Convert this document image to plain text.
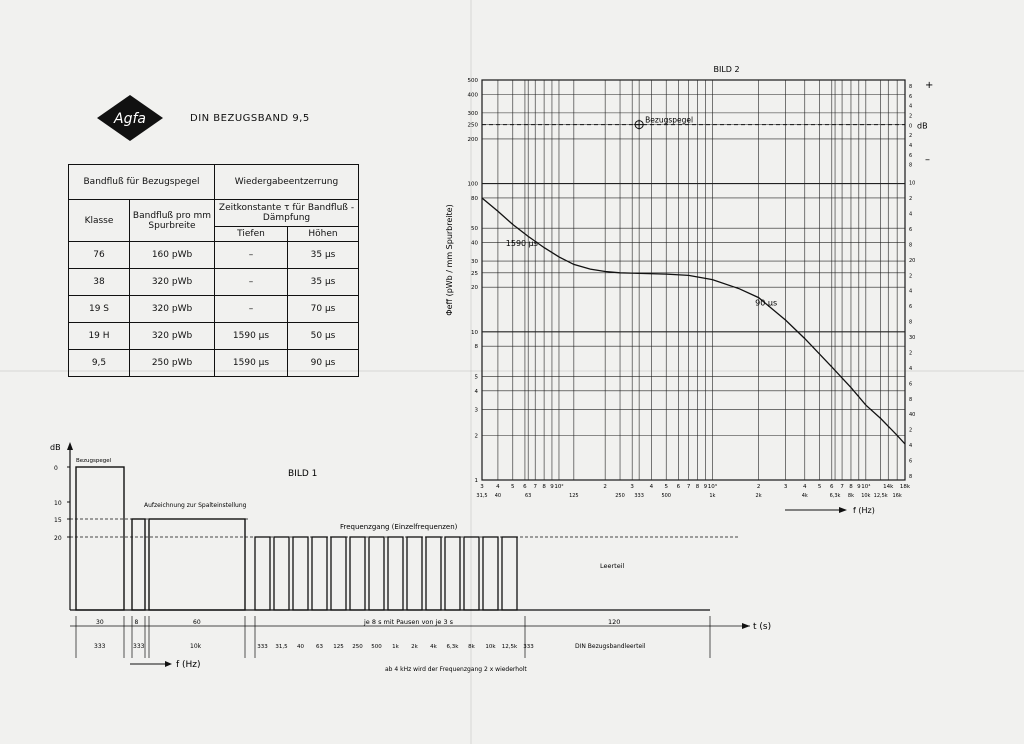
Agfa	DIN BEZUGSBAND 9,5
Bandfluß für Bezugspegel		Wiedergabeentzerrung	
Klasse	Bandfluß pro mm Spurbreite	Zeitkonstante τ für Bandfluß - Dämpfung	
		Tiefen	Höhen
76	160 pWb	–	35 µs
38	320 pWb	–	35 µs
19 S	320 pWb	–	70 µs
19 H	320 pWb	1590 µs	50 µs
9,5	250 pWb	1590 µs	90 µs
dB
0
10
15
20
Bezugspegel
Aufzeichnung zur Spalteinstellung
Frequenzgang (Einzelfrequenzen)
Leerteil
BILD 1
t (s)
30	8	60	je 8 s mit Pausen von je 3 s	120
333	333	10k	333 31,5 40 63 125 250 500 1k 2k 4k 6,3k 8k 10k 12,5k 333	DIN Bezugsbandleerteil
f (Hz)	ab 4 kHz wird der Frequenzgang 2 x wiederholt
500
400
300
250
200
100
80
50
40
30
25
20
10
8
5
4
3
2
1
Bezugspegel
1590 µs
90 µs
Φeff (pWb / mm Spurbreite)
BILD 2
+
dB
–
8
6
4
2
0
2
4
6
8
10
2
4
6
8
20
2
4
6
8
30
2
4
6
8
40
2
4
6
8
3 4 5 6 7 8 9 10²	2	3	4 5 6 7 8 9 10³	2	3	4 5 6 7 8 9 10⁴ 14k 18k
31,5 40	63	125	250 333	500	1k	2k	4k	6,3k 8k 10k 12,5k 16k
f (Hz)
